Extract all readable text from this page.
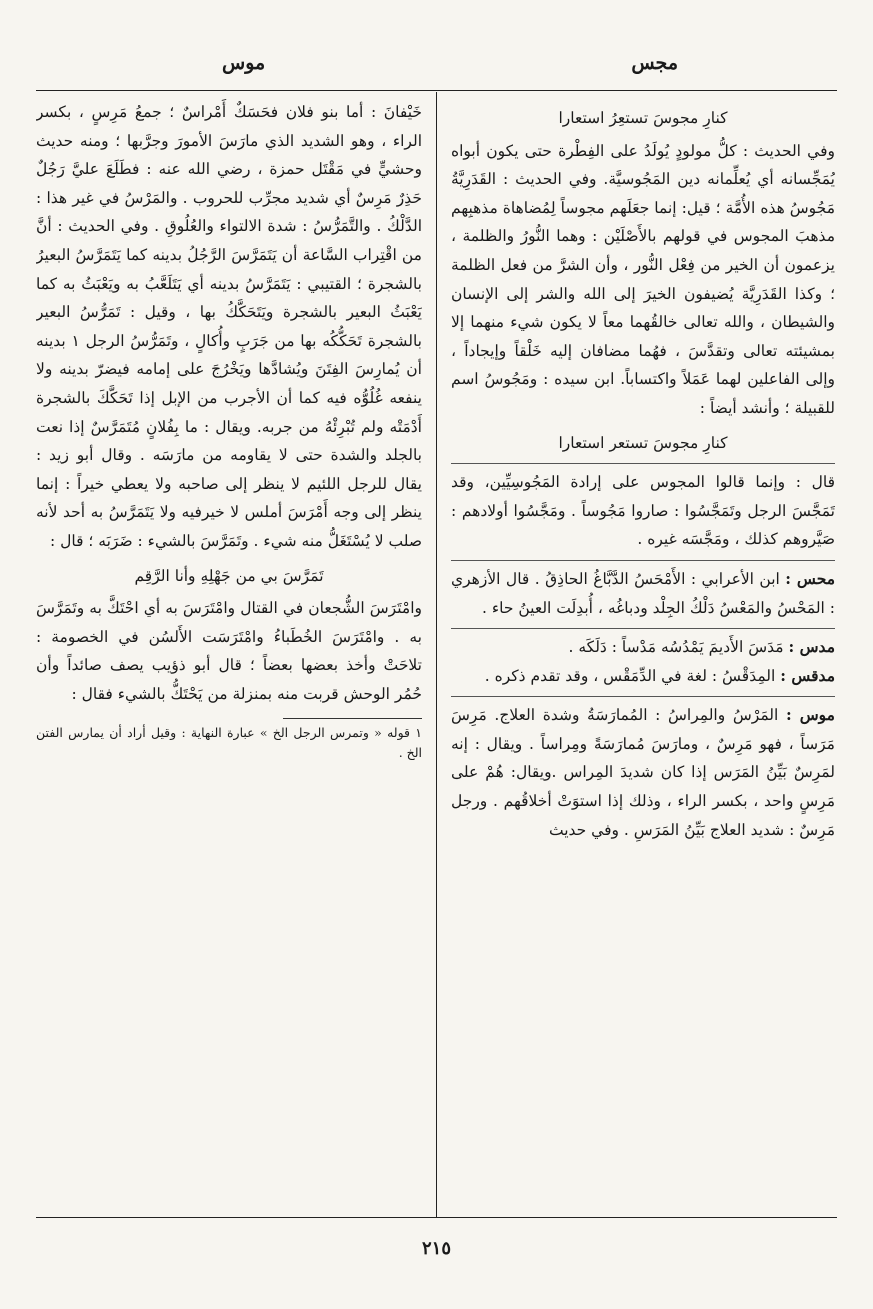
مجس
موس

كنارِ مجوسَ تستعِرُ استعارا

وفي الحديث : كلُّ مولودٍ يُولَدُ على الفِطْرة حتى يكون أبواه يُمَجِّسانه أي يُعلِّمانه دين المَجُوسيَّة. وفي الحديث : القَدَرِيَّةُ مَجُوسُ هذه الأُمَّة ؛ قيل: إنما جعَلَهم مجوساً لِمُضاهاة مذهبِهم مذهبَ المجوس في قولهم بالأَصْلَيْن : وهما النُّورُ والظلمة ، يزعمون أن الخير من فِعْل النُّور ، وأن الشرَّ من فعل الظلمة ؛ وكذا القَدَرِيَّة يُضيفون الخيرَ إلى الله والشر إلى الإنسان والشيطان ، والله تعالى خالقُهما معاً لا يكون شيء منهما إلا بمشيئته تعالى وتقدَّسَ ، فهُما مضافان إليه خَلْقاً وإيجاداً ، وإلى الفاعلين لهما عَمَلاً واكتساباً. ابن سيده : ومَجُوسُ اسم للقبيلة ؛ وأنشد أيضاً :

كنارِ مجوسَ تستعر استعارا

قال : وإنما قالوا المجوس على إرادة المَجُوسِيِّين، وقد تَمَجَّسَ الرجل وتَمَجَّسُوا : صاروا مَجُوساً . ومَجَّسُوا أولادهم : صَيَّروهم كذلك ، ومَجَّسَه غيره .

محس : ابن الأعرابي : الأَمْحَسُ الدَّبَّاغُ الحاذِقُ . قال الأزهري : المَحْسُ والمَعْسُ دَلْكُ الجِلْد ودباغُه ، أُبدِلَت العينُ حاء .

مدس : مَدَسَ الأَديمَ يَمْدُسُه مَدْساً : دَلَكَه .

مدقس : المِدَقْسُ : لغة في الدِّمَقْس ، وقد تقدم ذكره .

موس : المَرْسُ والمِراسُ : المُمارَسَةُ وشدة العلاج. مَرِسَ مَرَساً ، فهو مَرِسٌ ، ومارَسَ مُمارَسَةً ومِراساً . ويقال : إنه لمَرِسٌ بَيِّنُ المَرَس إذا كان شديدَ المِراس .ويقال: هُمْ على مَرِسٍ واحد ، بكسر الراء ، وذلك إذا استوَتْ أخلاقُهم . ورجل مَرِسٌ : شديد العلاج بَيِّنُ المَرَسِ . وفي حديث

خَيْفانَ : أما بنو فلان فحَسَكٌ أَمْراسٌ ؛ جمعُ مَرِسٍ ، بكسر الراء ، وهو الشديد الذي مارَسَ الأمورَ وجرَّبها ؛ ومنه حديث وحشيٍّ في مَقْتَل حمزة ، رضي الله عنه : فطَلَعَ عليَّ رَجُلٌ حَذِرٌ مَرِسٌ أي شديد مجرِّب للحروب . والمَرْسُ في غير هذا : الدَّلْكُ . والتَّمَرُّسُ : شدة الالتواء والعُلُوقِ . وفي الحديث : أنَّ من اقْتِراب السَّاعة أن يَتَمَرَّسَ الرَّجُلُ بدينه كما يَتَمَرَّسُ البعيرُ بالشجرة ؛ القتيبي : يَتَمَرَّسُ بدينه أي يَتَلَعَّبُ به ويَعْبَثُ به كما يَعْبَثُ البعير بالشجرة ويَتَحَكَّكُ بها ، وقيل : تَمَرُّسُ البعير بالشجرة تَحَكُّكُه بها من جَرَبٍ وأُكالٍ ، وتَمَرُّسُ الرجل ١ بدينه أن يُمارِسَ الفِتَنَ ويُشادَّها ويَخْرُجَ على إمامه فيضرّ بدينه ولا ينفعه غُلُوُّه فيه كما أن الأجرب من الإبل إذا تَحَكَّكَ بالشجرة أَدْمَتْه ولم تُبْرِئْهُ من جربه. ويقال : ما بِفُلانٍ مُتَمَرَّسٌ إذا نعت بالجلد والشدة حتى لا يقاومه من مارَسَه . وقال أبو زيد : يقال للرجل اللئيم لا ينظر إلى صاحبه ولا يعطي خيراً : إنما ينظر إلى وجه أَمْرَسَ أملس لا خيرفيه ولا يَتَمَرَّسُ به أحد لأنه صلب لا يُسْتَغَلُّ منه شيء . وتَمَرَّسَ بالشيء : ضَرَبَه ؛ قال :

تَمَرَّسَ بي من جَهْلِهِ وأنا الرَّقِم

وامْتَرَسَ الشُّجعان في القتال وامْتَرَسَ به أي احْتَكَّ به وتَمَرَّسَ به . وامْتَرَسَ الخُطَباءُ وامْتَرَسَت الأَلسُن في الخصومة : تلاحَتْ وأخذ بعضها بعضاً ؛ قال أبو ذؤيب يصف صائداً وأن حُمُر الوحش قربت منه بمنزلة من يَحْتَكُّ بالشيء فقال :

١ قوله « وتمرس الرجل الخ » عبارة النهاية : وقيل أراد أن يمارس الفتن الخ .

٢١٥
